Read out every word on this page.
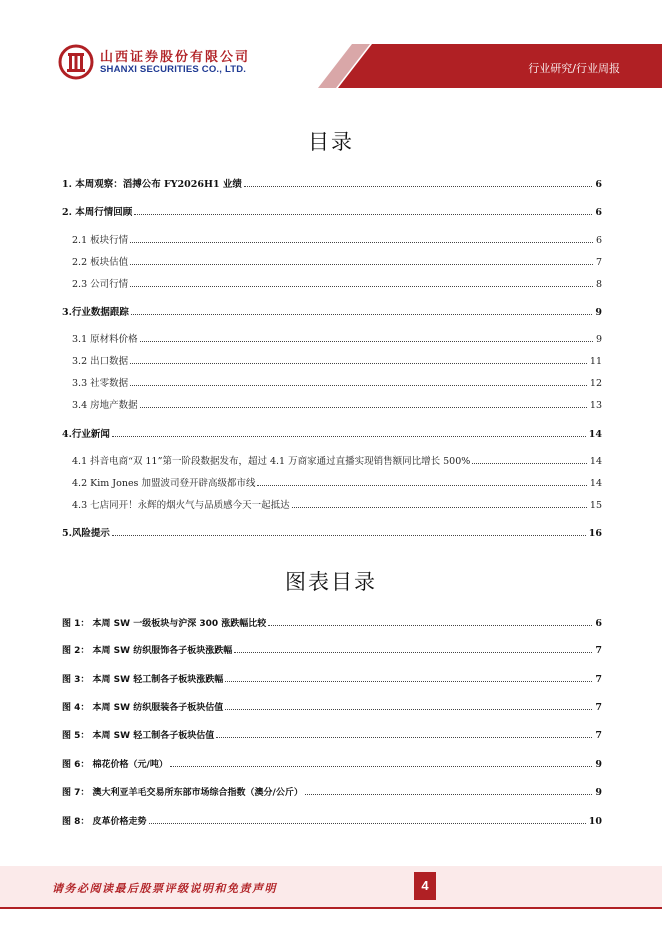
山西证券股份有限公司
SHANXI SECURITIES CO., LTD.	行业研究/行业周报
目录
1. 本周观察：滔搏公布 FY2026H1 业绩	6
2. 本周行情回顾	6
2.1 板块行情	6
2.2 板块估值	7
2.3 公司行情	8
3.行业数据跟踪	9
3.1 原材料价格	9
3.2 出口数据	11
3.3 社零数据	12
3.4 房地产数据	13
4.行业新闻	14
4.1 抖音电商“双 11”第一阶段数据发布，超过 4.1 万商家通过直播实现销售额同比增长 500%	14
4.2 Kim Jones 加盟波司登开辟高级都市线	14
4.3 七店同开！永辉的烟火气与品质感今天一起抵达	15
5.风险提示	16
图表目录
图 1： 本周 SW 一级板块与沪深 300 涨跌幅比较	6
图 2： 本周 SW 纺织服饰各子板块涨跌幅	7
图 3： 本周 SW 轻工制各子板块涨跌幅	7
图 4： 本周 SW 纺织服装各子板块估值	7
图 5： 本周 SW 轻工制各子板块估值	7
图 6： 棉花价格（元/吨）	9
图 7： 澳大利亚羊毛交易所东部市场综合指数（澳分/公斤）	9
图 8： 皮革价格走势	10
请务必阅读最后股票评级说明和免责声明	4
